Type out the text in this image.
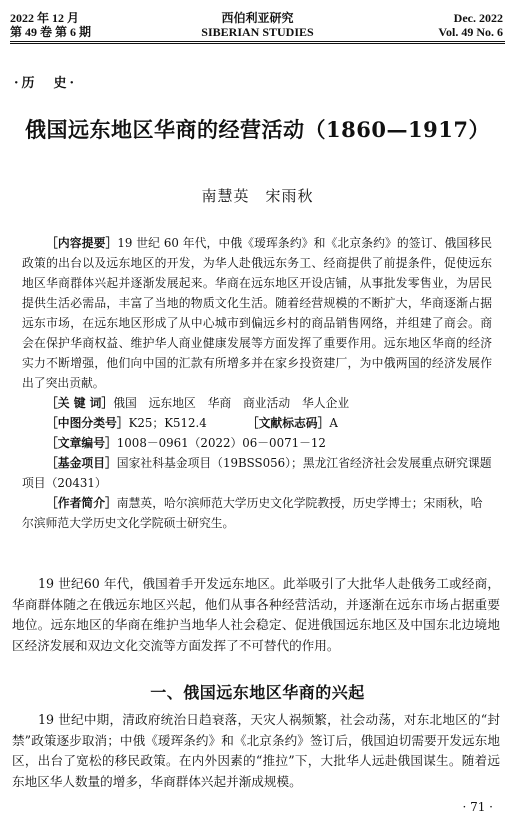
2022 年 12 月
第 49 卷 第 6 期
西伯利亚研究
SIBERIAN STUDIES
Dec. 2022
Vol. 49 No. 6
·历　史·
俄国远东地区华商的经营活动（1860—1917）
南慧英　宋雨秋

［内容提要］19 世纪 60 年代，中俄《瑷珲条约》和《北京条约》的签订、俄国移民政策的出台以及远东地区的开发，为华人赴俄远东务工、经商提供了前提条件，促使远东地区华商群体兴起并逐渐发展起来。华商在远东地区开设店铺，从事批发零售业，为居民提供生活必需品，丰富了当地的物质文化生活。随着经营规模的不断扩大，华商逐渐占据远东市场，在远东地区形成了从中心城市到偏远乡村的商品销售网络，并组建了商会。商会在保护华商权益、维护华人商业健康发展等方面发挥了重要作用。远东地区华商的经济实力不断增强，他们向中国的汇款有所增多并在家乡投资建厂，为中俄两国的经济发展作出了突出贡献。

［关 键 词］俄国　远东地区　华商　商业活动　华人企业

［中图分类号］K25；K512.4	［文献标志码］A

［文章编号］1008－0961（2022）06－0071－12

［基金项目］国家社科基金项目（19BSS056）；黑龙江省经济社会发展重点研究课题项目（20431）

［作者简介］南慧英，哈尔滨师范大学历史文化学院教授，历史学博士；宋雨秋，哈尔滨师范大学历史文化学院硕士研究生。

19 世纪60 年代，俄国着手开发远东地区。此举吸引了大批华人赴俄务工或经商，华商群体随之在俄远东地区兴起，他们从事各种经营活动，并逐渐在远东市场占据重要地位。远东地区的华商在维护当地华人社会稳定、促进俄国远东地区及中国东北边境地区经济发展和双边文化交流等方面发挥了不可替代的作用。

一、俄国远东地区华商的兴起

19 世纪中期，清政府统治日趋衰落，天灾人祸频繁，社会动荡，对东北地区的“封禁”政策逐步取消；中俄《瑷珲条约》和《北京条约》签订后，俄国迫切需要开发远东地区，出台了宽松的移民政策。在内外因素的“推拉”下，大批华人远赴俄国谋生。随着远东地区华人数量的增多，华商群体兴起并渐成规模。

· 71 ·
